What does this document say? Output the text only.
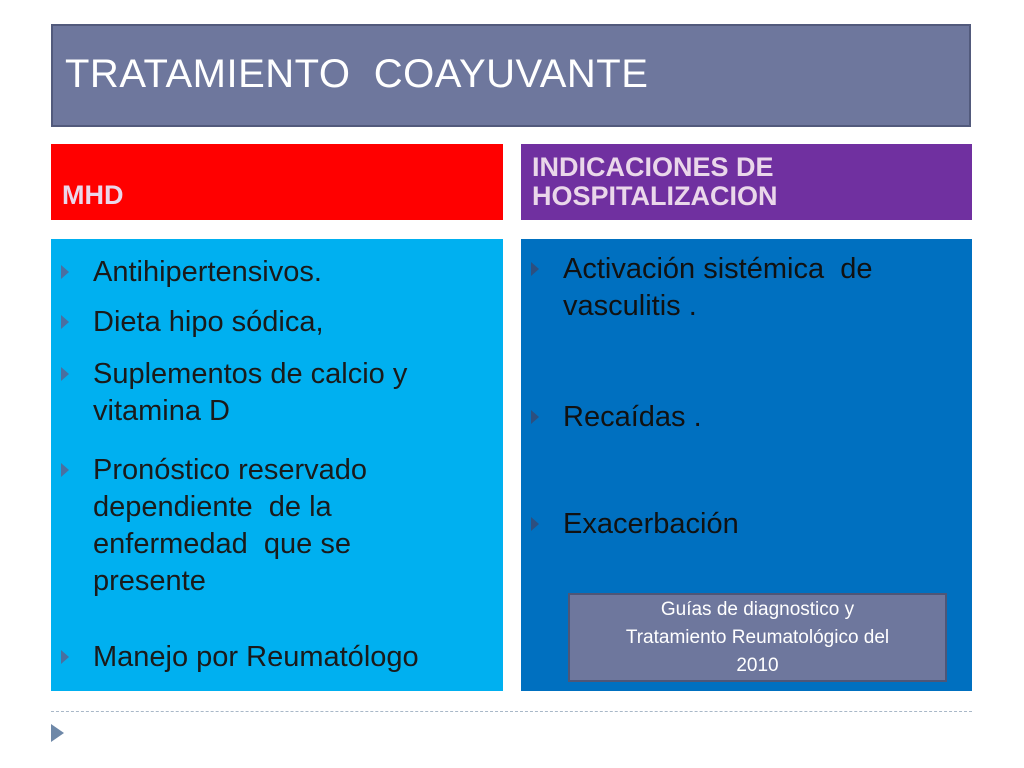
TRATAMIENTO  COAYUVANTE
MHD
INDICACIONES DE
HOSPITALIZACION
Antihipertensivos.
Dieta hipo sódica,
Suplementos de calcio y
vitamina D
Pronóstico reservado
dependiente  de la
enfermedad  que se
presente
Manejo por Reumatólogo
Activación sistémica  de
vasculitis .
Recaídas .
Exacerbación
Guías de diagnostico y
Tratamiento Reumatológico del
2010
